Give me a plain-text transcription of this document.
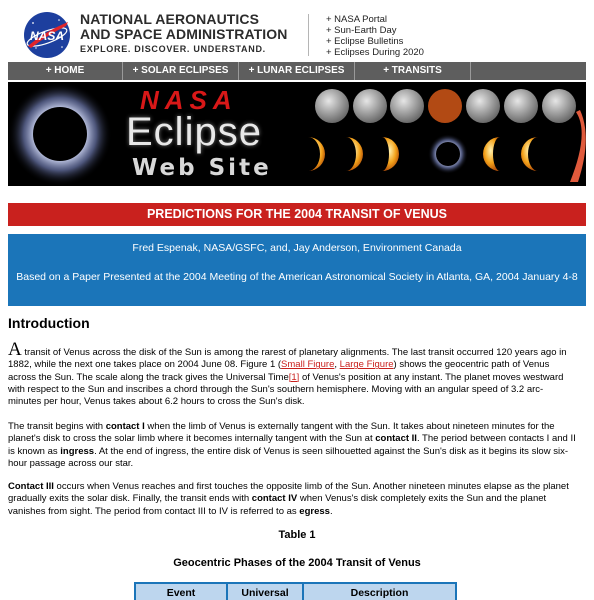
NASA
NATIONAL AERONAUTICS
AND SPACE ADMINISTRATION
EXPLORE. DISCOVER. UNDERSTAND.
+ NASA Portal
+ Sun-Earth Day
+ Eclipse Bulletins
+ Eclipses During 2020
+ HOME	+ SOLAR ECLIPSES	+ LUNAR ECLIPSES	+ TRANSITS
NASA
Eclipse
Web Site
PREDICTIONS FOR THE 2004 TRANSIT OF VENUS
Fred Espenak, NASA/GSFC, and, Jay Anderson, Environment Canada
Based on a Paper Presented at the 2004 Meeting of the American Astronomical Society in Atlanta, GA, 2004 January 4-8
Introduction
A transit of Venus across the disk of the Sun is among the rarest of planetary alignments. The last transit occurred 120 years ago in 1882, while the next one takes place on 2004 June 08. Figure 1 (Small Figure, Large Figure) shows the geocentric path of Venus across the Sun. The scale along the track gives the Universal Time[1] of Venus's position at any instant. The planet moves westward with respect to the Sun and inscribes a chord through the Sun's southern hemisphere. Moving with an angular speed of 3.2 arc-minutes per hour, Venus takes about 6.2 hours to cross the Sun's disk.
The transit begins with contact I when the limb of Venus is externally tangent with the Sun. It takes about nineteen minutes for the planet's disk to cross the solar limb where it becomes internally tangent with the Sun at contact II. The period between contacts I and II is known as ingress. At the end of ingress, the entire disk of Venus is seen silhouetted against the Sun's disk as it begins its slow six-hour passage across our star.
Contact III occurs when Venus reaches and first touches the opposite limb of the Sun. Another nineteen minutes elapse as the planet gradually exits the solar disk. Finally, the transit ends with contact IV when Venus's disk completely exits the Sun and the planet vanishes from sight. The period from contact III to IV is referred to as egress.
Table 1
Geocentric Phases of the 2004 Transit of Venus
Event	Universal	Description
